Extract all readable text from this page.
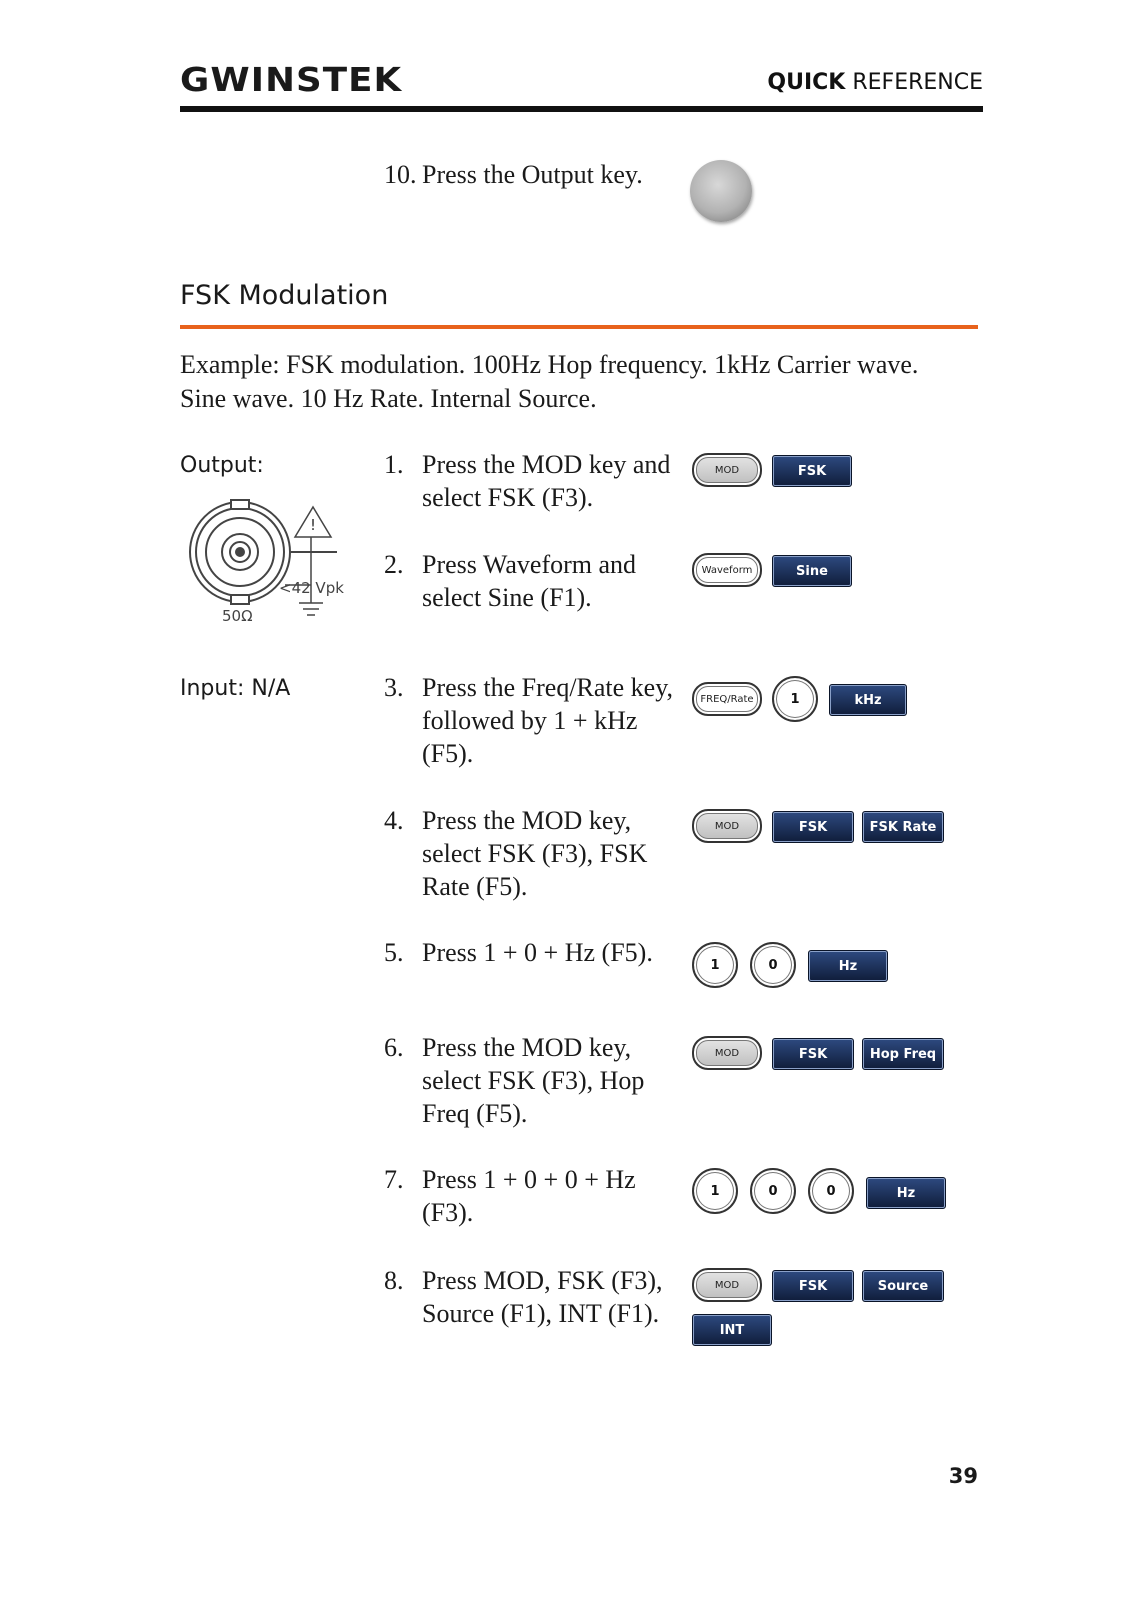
GWINSTEK	QUICK REFERENCE
10. Press the Output key.
FSK Modulation
Example: FSK modulation. 100Hz Hop frequency. 1kHz Carrier wave. Sine wave. 10 Hz Rate. Internal Source.
Output:
!
<42 Vpk
50Ω
Input: N/A
1. Press the MOD key and select FSK (F3).
MOD	FSK
2. Press Waveform and select Sine (F1).
Waveform	Sine
3. Press the Freq/Rate key, followed by 1 + kHz (F5).
FREQ/Rate	1	kHz
4. Press the MOD key, select FSK (F3), FSK Rate (F5).
MOD	FSK	FSK Rate
5. Press 1 + 0 + Hz (F5).	1	0	Hz
6. Press the MOD key, select FSK (F3), Hop Freq (F5).
MOD	FSK	Hop Freq
7. Press 1 + 0 + 0 + Hz (F3).
1	0	0	Hz
8. Press MOD, FSK (F3), Source (F1), INT (F1).
MOD	FSK	Source
INT
39
